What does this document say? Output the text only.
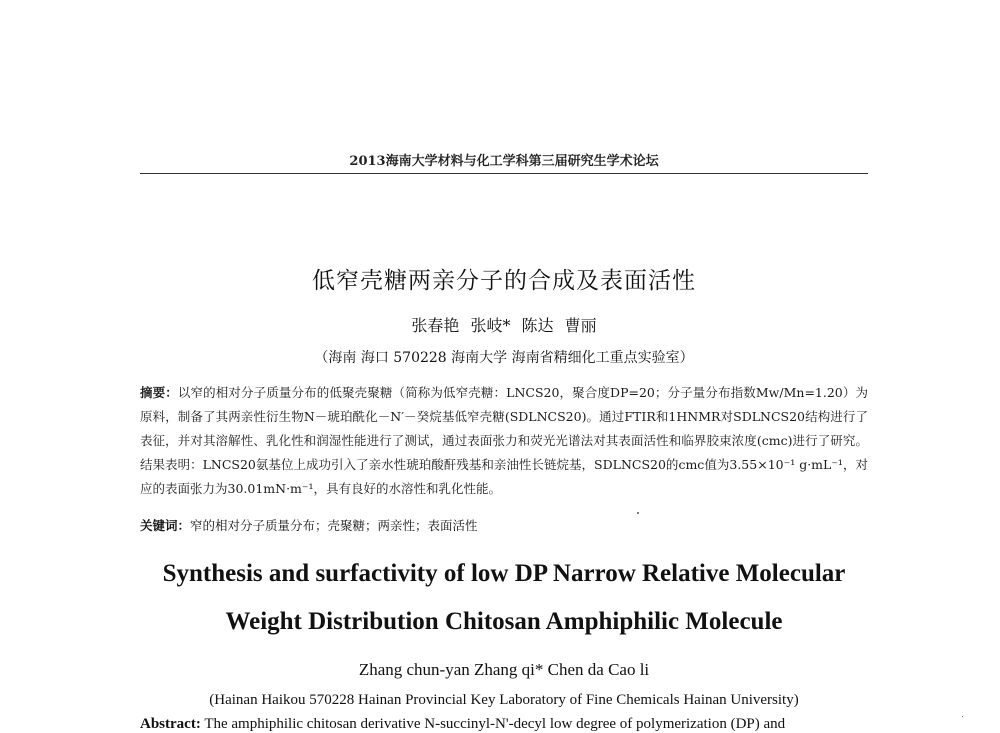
2013海南大学材料与化工学科第三届研究生学术论坛
低窄壳糖两亲分子的合成及表面活性
张春艳 张岐* 陈达 曹丽
（海南 海口 570228 海南大学 海南省精细化工重点实验室）
摘要：以窄的相对分子质量分布的低聚壳聚糖（简称为低窄壳糖：LNCS20，聚合度DP=20；分子量分布指数Mw/Mn=1.20）为原料，制备了其两亲性衍生物N－琥珀酰化－N′－癸烷基低窄壳糖(SDLNCS20)。通过FTIR和1HNMR对SDLNCS20结构进行了表征，并对其溶解性、乳化性和润湿性能进行了测试，通过表面张力和荧光光谱法对其表面活性和临界胶束浓度(cmc)进行了研究。结果表明：LNCS20氨基位上成功引入了亲水性琥珀酸酐残基和亲油性长链烷基，SDLNCS20的cmc值为3.55×10⁻¹ g·mL⁻¹，对应的表面张力为30.01mN·m⁻¹，具有良好的水溶性和乳化性能。
关键词：窄的相对分子质量分布；壳聚糖；两亲性；表面活性
Synthesis and surfactivity of low DP Narrow Relative Molecular
Weight Distribution Chitosan Amphiphilic Molecule
Zhang chun-yan Zhang qi* Chen da Cao li
(Hainan Haikou 570228 Hainan Provincial Key Laboratory of Fine Chemicals Hainan University)
Abstract: The amphiphilic chitosan derivative N-succinyl-N'-decyl low degree of polymerization (DP) and
